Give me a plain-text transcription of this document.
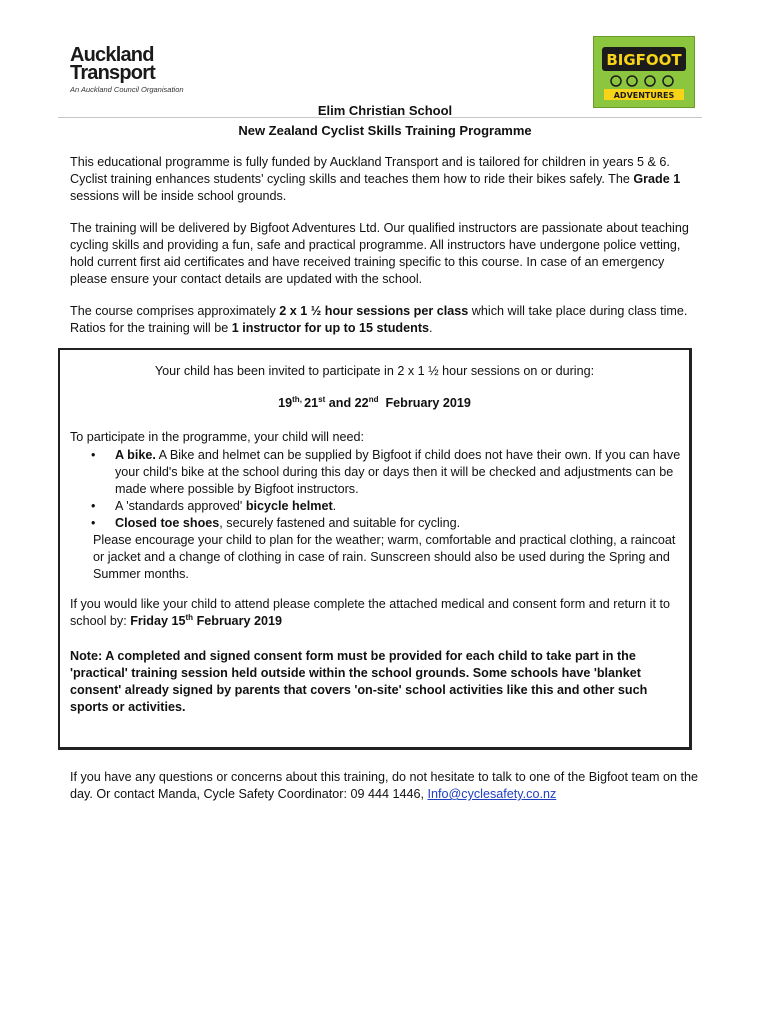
Auckland
Transport
An Auckland Council Organisation
BIGFOOT
ADVENTURES
Elim Christian School
New Zealand Cyclist Skills Training Programme
This educational programme is fully funded by Auckland Transport and is tailored for children in years 5 & 6. Cyclist training enhances students' cycling skills and teaches them how to ride their bikes safely. The Grade 1 sessions will be inside school grounds.
The training will be delivered by Bigfoot Adventures Ltd. Our qualified instructors are passionate about teaching cycling skills and providing a fun, safe and practical programme. All instructors have undergone police vetting, hold current first aid certificates and have received training specific to this course. In case of an emergency please ensure your contact details are updated with the school.
The course comprises approximately 2 x 1 ½ hour sessions per class which will take place during class time. Ratios for the training will be 1 instructor for up to 15 students.
Your child has been invited to participate in 2 x 1 ½ hour sessions on or during:
$19^{th,}$ 21st and 22nd  February 2019
To participate in the programme, your child will need:
• A bike. A Bike and helmet can be supplied by Bigfoot if child does not have their own. If you can have your child's bike at the school during this day or days then it will be checked and adjustments can be made where possible by Bigfoot instructors.
• A 'standards approved' bicycle helmet.
• Closed toe shoes, securely fastened and suitable for cycling.
Please encourage your child to plan for the weather; warm, comfortable and practical clothing, a raincoat or jacket and a change of clothing in case of rain. Sunscreen should also be used during the Spring and Summer months.
If you would like your child to attend please complete the attached medical and consent form and return it to school by: Friday 15th February 2019
Note: A completed and signed consent form must be provided for each child to take part in the 'practical' training session held outside within the school grounds. Some schools have 'blanket consent' already signed by parents that covers 'on-site' school activities like this and other such sports or activities.
If you have any questions or concerns about this training, do not hesitate to talk to one of the Bigfoot team on the day. Or contact Manda, Cycle Safety Coordinator: 09 444 1446, Info@cyclesafety.co.nz
